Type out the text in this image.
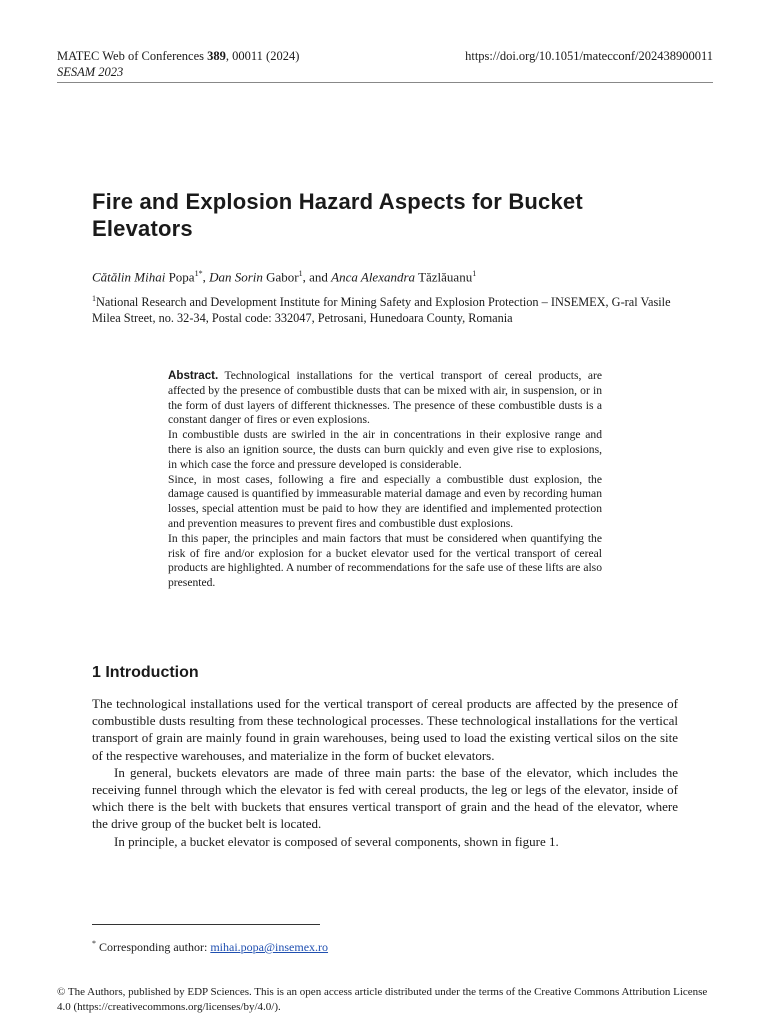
MATEC Web of Conferences 389, 00011 (2024)
SESAM 2023
https://doi.org/10.1051/matecconf/202438900011
Fire and Explosion Hazard Aspects for Bucket Elevators
Cătălin Mihai Popa$^{1*}$, Dan Sorin Gabor$^1$, and Anca Alexandra Tăzlăuanu$^1$
$^1$National Research and Development Institute for Mining Safety and Explosion Protection – INSEMEX, G-ral Vasile Milea Street, no. 32-34, Postal code: 332047, Petrosani, Hunedoara County, Romania

Abstract. Technological installations for the vertical transport of cereal products, are affected by the presence of combustible dusts that can be mixed with air, in suspension, or in the form of dust layers of different thicknesses. The presence of these combustible dusts is a constant danger of fires or even explosions.

In combustible dusts are swirled in the air in concentrations in their explosive range and there is also an ignition source, the dusts can burn quickly and even give rise to explosions, in which case the force and pressure developed is considerable.

Since, in most cases, following a fire and especially a combustible dust explosion, the damage caused is quantified by immeasurable material damage and even by recording human losses, special attention must be paid to how they are identified and implemented protection and prevention measures to prevent fires and combustible dust explosions.

In this paper, the principles and main factors that must be considered when quantifying the risk of fire and/or explosion for a bucket elevator used for the vertical transport of cereal products are highlighted. A number of recommendations for the safe use of these lifts are also presented.

1 Introduction

The technological installations used for the vertical transport of cereal products are affected by the presence of combustible dusts resulting from these technological processes. These technological installations for the vertical transport of grain are mainly found in grain warehouses, being used to load the existing vertical silos on the site of the respective warehouses, and materialize in the form of bucket elevators.

In general, buckets elevators are made of three main parts: the base of the elevator, which includes the receiving funnel through which the elevator is fed with cereal products, the leg or legs of the elevator, inside of which there is the belt with buckets that ensures vertical transport of grain and the head of the elevator, where the drive group of the bucket belt is located.

In principle, a bucket elevator is composed of several components, shown in figure 1.

* Corresponding author: mihai.popa@insemex.ro
© The Authors, published by EDP Sciences. This is an open access article distributed under the terms of the Creative Commons Attribution License 4.0 (https://creativecommons.org/licenses/by/4.0/).
